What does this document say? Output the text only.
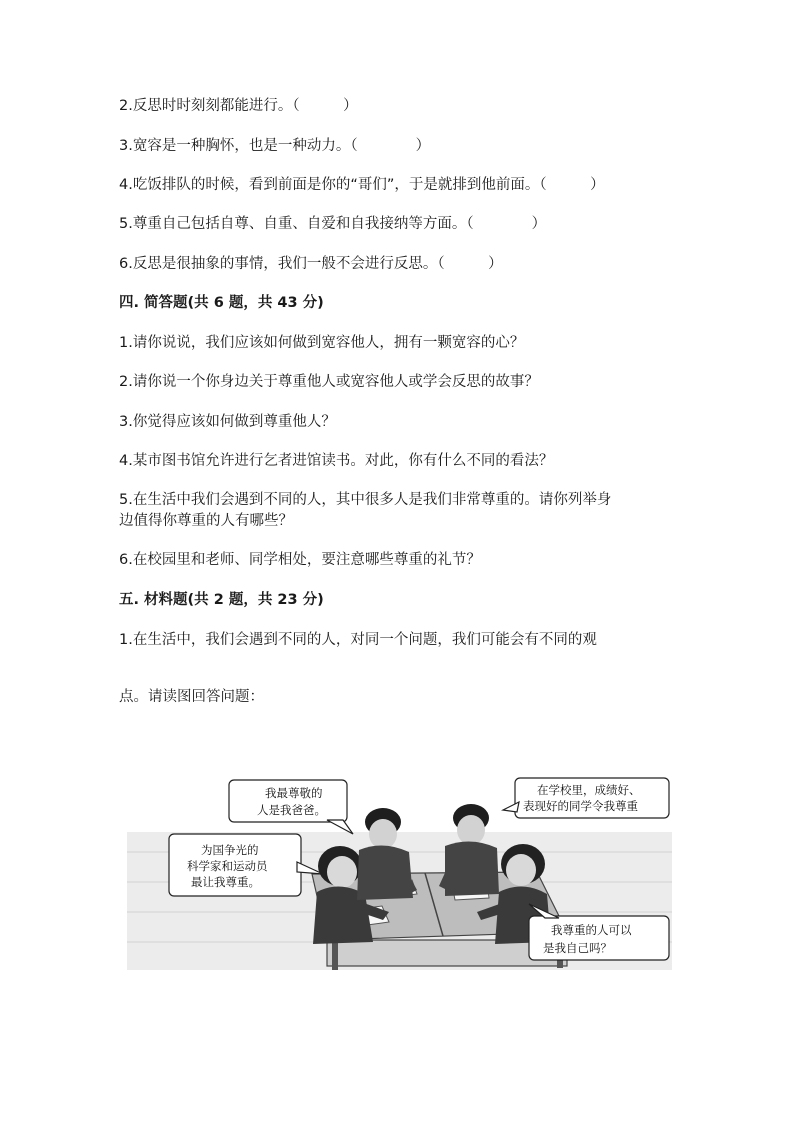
2.反思时时刻刻都能进行。（　　　）
3.宽容是一种胸怀，也是一种动力。（　　　　）
4.吃饭排队的时候，看到前面是你的“哥们”，于是就排到他前面。（　　　）
5.尊重自己包括自尊、自重、自爱和自我接纳等方面。（　　　　）
6.反思是很抽象的事情，我们一般不会进行反思。（　　　）
四. 简答题(共 6 题，共 43 分)
1.请你说说，我们应该如何做到宽容他人，拥有一颗宽容的心？
2.请你说一个你身边关于尊重他人或宽容他人或学会反思的故事？
3.你觉得应该如何做到尊重他人？
4.某市图书馆允许进行乞者进馆读书。对此，你有什么不同的看法？
5.在生活中我们会遇到不同的人，其中很多人是我们非常尊重的。请你列举身
边值得你尊重的人有哪些？
6.在校园里和老师、同学相处，要注意哪些尊重的礼节？
五. 材料题(共 2 题，共 23 分)
1.在生活中，我们会遇到不同的人，对同一个问题，我们可能会有不同的观
点。请读图回答问题：
我最尊敬的
人是我爸爸。
为国争光的
科学家和运动员
最让我尊重。
在学校里，成绩好、
表现好的同学令我尊重
我尊重的人可以
是我自己吗？
